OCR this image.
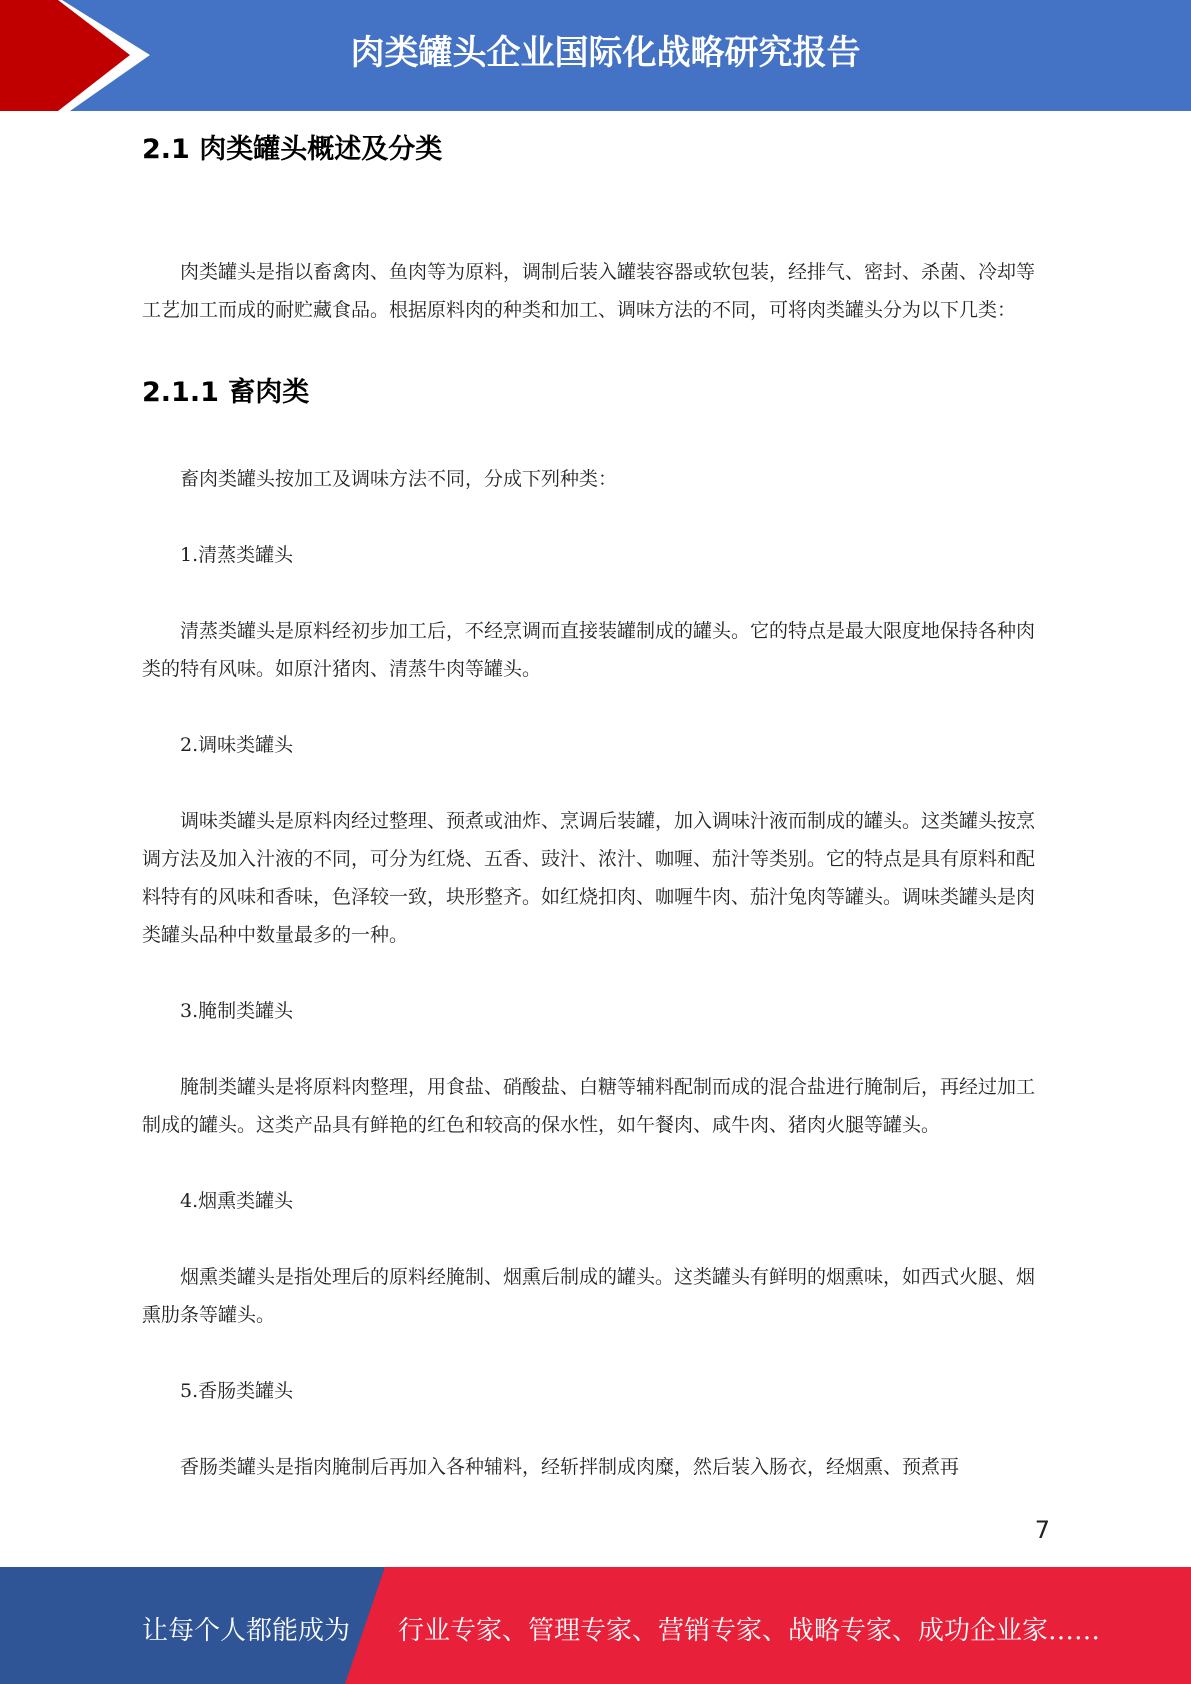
肉类罐头企业国际化战略研究报告
2.1 肉类罐头概述及分类

肉类罐头是指以畜禽肉、鱼肉等为原料，调制后装入罐装容器或软包装，经排气、密封、杀菌、冷却等工艺加工而成的耐贮藏食品。根据原料肉的种类和加工、调味方法的不同，可将肉类罐头分为以下几类：

2.1.1 畜肉类

畜肉类罐头按加工及调味方法不同，分成下列种类：

1.清蒸类罐头

清蒸类罐头是原料经初步加工后，不经烹调而直接装罐制成的罐头。它的特点是最大限度地保持各种肉类的特有风味。如原汁猪肉、清蒸牛肉等罐头。

2.调味类罐头

调味类罐头是原料肉经过整理、预煮或油炸、烹调后装罐，加入调味汁液而制成的罐头。这类罐头按烹调方法及加入汁液的不同，可分为红烧、五香、豉汁、浓汁、咖喱、茄汁等类别。它的特点是具有原料和配料特有的风味和香味，色泽较一致，块形整齐。如红烧扣肉、咖喱牛肉、茄汁兔肉等罐头。调味类罐头是肉类罐头品种中数量最多的一种。

3.腌制类罐头

腌制类罐头是将原料肉整理，用食盐、硝酸盐、白糖等辅料配制而成的混合盐进行腌制后，再经过加工制成的罐头。这类产品具有鲜艳的红色和较高的保水性，如午餐肉、咸牛肉、猪肉火腿等罐头。

4.烟熏类罐头

烟熏类罐头是指处理后的原料经腌制、烟熏后制成的罐头。这类罐头有鲜明的烟熏味，如西式火腿、烟熏肋条等罐头。

5.香肠类罐头

香肠类罐头是指肉腌制后再加入各种辅料，经斩拌制成肉糜，然后装入肠衣，经烟熏、预煮再

7
让每个人都能成为 行业专家、管理专家、营销专家、战略专家、成功企业家……
